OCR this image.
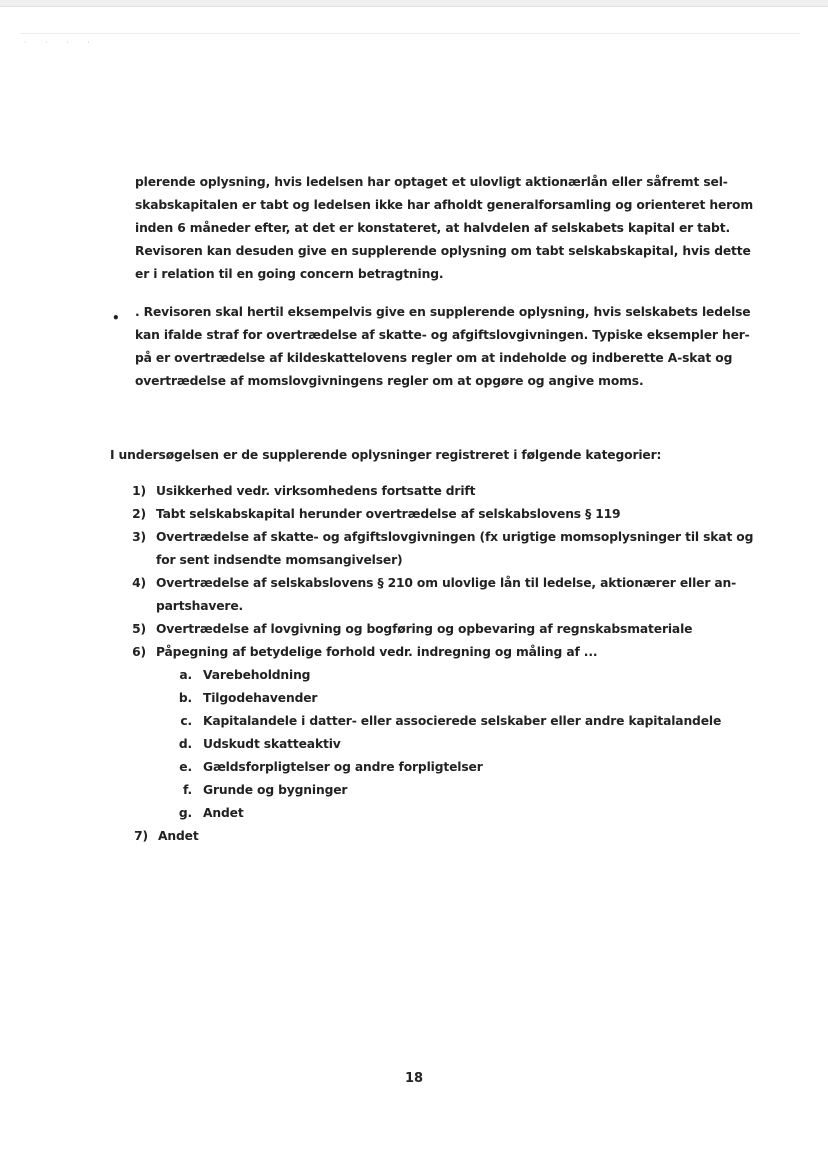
· · · ·
plerende oplysning, hvis ledelsen har optaget et ulovligt aktionærlån eller såfremt sel-
skabskapitalen er tabt og ledelsen ikke har afholdt generalforsamling og orienteret herom
inden 6 måneder efter, at det er konstateret, at halvdelen af selskabets kapital er tabt.
Revisoren kan desuden give en supplerende oplysning om tabt selskabskapital, hvis dette
er i relation til en going concern betragtning.
• . Revisoren skal hertil eksempelvis give en supplerende oplysning, hvis selskabets ledelse
kan ifalde straf for overtrædelse af skatte- og afgiftslovgivningen. Typiske eksempler her-
på er overtrædelse af kildeskattelovens regler om at indeholde og indberette A-skat og
overtrædelse af momslovgivningens regler om at opgøre og angive moms.
I undersøgelsen er de supplerende oplysninger registreret i følgende kategorier:
1) Usikkerhed vedr. virksomhedens fortsatte drift
2) Tabt selskabskapital herunder overtrædelse af selskabslovens § 119
3) Overtrædelse af skatte- og afgiftslovgivningen (fx urigtige momsoplysninger til skat og
for sent indsendte momsangivelser)
4) Overtrædelse af selskabslovens § 210 om ulovlige lån til ledelse, aktionærer eller an-
partshavere.
5) Overtrædelse af lovgivning og bogføring og opbevaring af regnskabsmateriale
6) Påpegning af betydelige forhold vedr. indregning og måling af ...
a. Varebeholdning
b. Tilgodehavender
c. Kapitalandele i datter- eller associerede selskaber eller andre kapitalandele
d. Udskudt skatteaktiv
e. Gældsforpligtelser og andre forpligtelser
f. Grunde og bygninger
g. Andet
7) Andet
18
